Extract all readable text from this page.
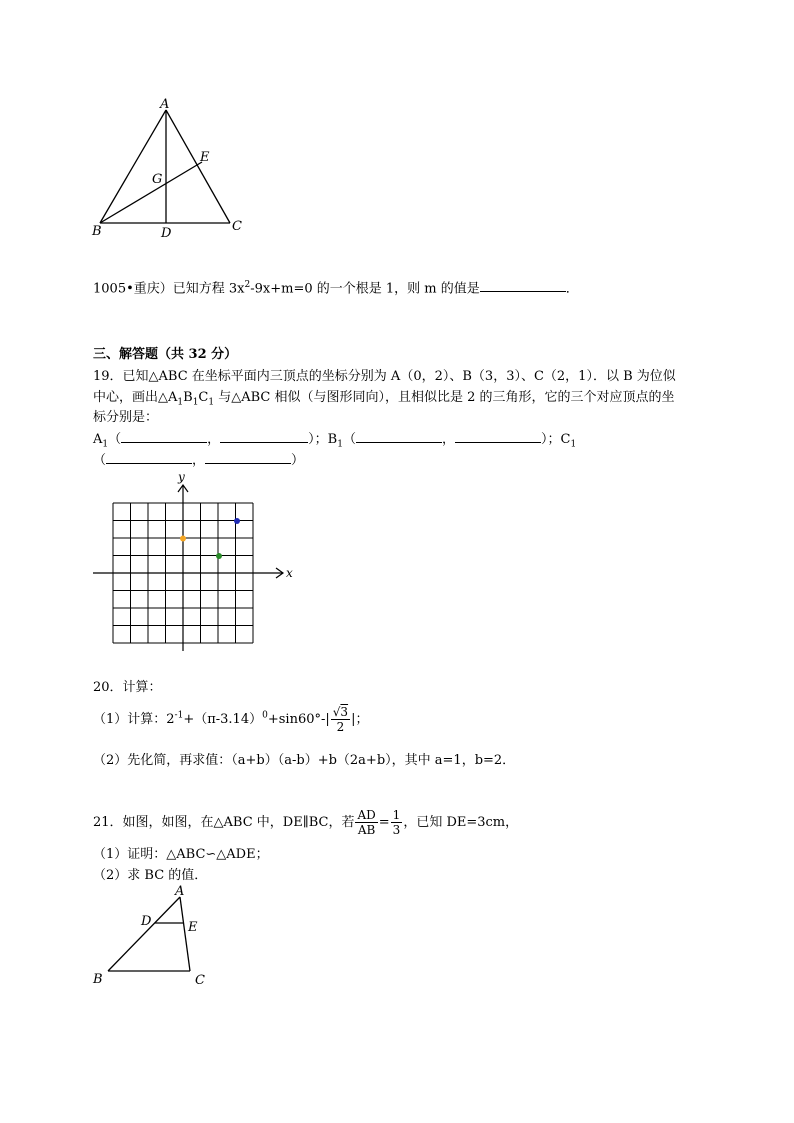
A
E
G
B	D	C
1005•重庆）已知方程 $3x^2-9x+m=0$ 的一个根是 1，则 m 的值是	．
三、解答题（共 32 分）
19．已知△ABC 在坐标平面内三顶点的坐标分别为 A（0，2）、B（3，3）、C（2，1）．以 B 为位似
中心，画出$\triangle A_1B_1C_1$ 与△ABC 相似（与图形同向），且相似比是 2 的三角形，它的三个对应顶点的坐
标分别是：
$A_1$（	，	）；$B_1$（	，	）；$C_1$
（	，	）
x
y
20．计算：
（1）计算：$2^{-1}+(\pi-3.14)^0+\sin 60^\circ-| \frac{√3}{2}$ |；
（2）先化简，再求值：（a+b）（a-b）+b（2a+b），其中 a=1，b=2．
21．如图，如图，在△ABC 中，DE∥BC，若 $\frac{AD}{AB} = \frac{1}{3}$ ，已知 DE=3cm，
（1）证明：△ABC∽△ADE；
（2）求 BC 的值．
A
D	E
B	C
